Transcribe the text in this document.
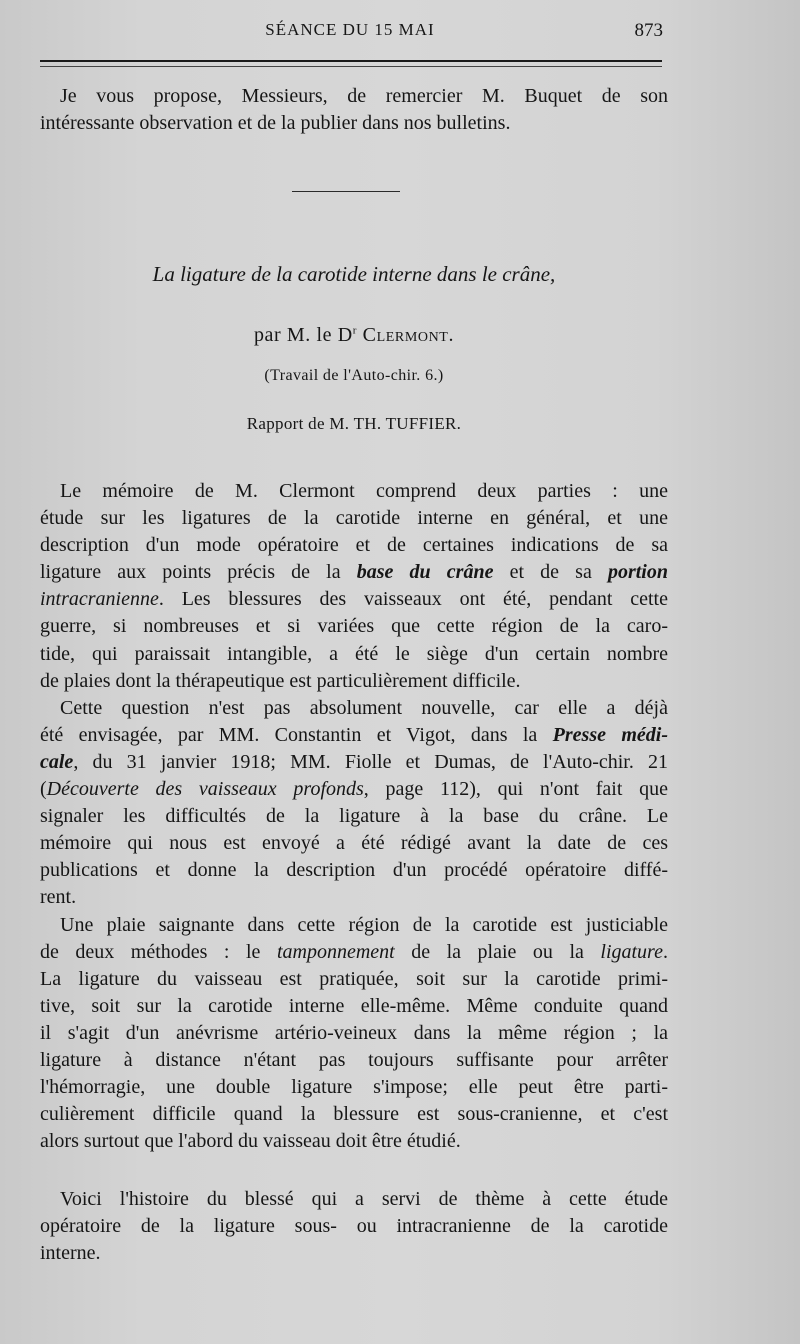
SÉANCE DU 15 MAI	873
Je vous propose, Messieurs, de remercier M. Buquet de son
intéressante observation et de la publier dans nos bulletins.
La ligature de la carotide interne dans le crâne,
par M. le $D^r$ Clermont.
(Travail de l'Auto-chir. 6.)
Rapport de M. TH. TUFFIER.
Le mémoire de M. Clermont comprend deux parties : une
étude sur les ligatures de la carotide interne en général, et une
description d'un mode opératoire et de certaines indications de sa
ligature aux points précis de la base du crâne et de sa portion
intracranienne. Les blessures des vaisseaux ont été, pendant cette
guerre, si nombreuses et si variées que cette région de la caro-
tide, qui paraissait intangible, a été le siège d'un certain nombre
de plaies dont la thérapeutique est particulièrement difficile.
Cette question n'est pas absolument nouvelle, car elle a déjà
été envisagée, par MM. Constantin et Vigot, dans la Presse médi-
cale, du 31 janvier 1918; MM. Fiolle et Dumas, de l'Auto-chir. 21
(Découverte des vaisseaux profonds, page 112), qui n'ont fait que
signaler les difficultés de la ligature à la base du crâne. Le
mémoire qui nous est envoyé a été rédigé avant la date de ces
publications et donne la description d'un procédé opératoire diffé-
rent.
Une plaie saignante dans cette région de la carotide est justiciable
de deux méthodes : le tamponnement de la plaie ou la ligature.
La ligature du vaisseau est pratiquée, soit sur la carotide primi-
tive, soit sur la carotide interne elle-même. Même conduite quand
il s'agit d'un anévrisme artério-veineux dans la même région ; la
ligature à distance n'étant pas toujours suffisante pour arrêter
l'hémorragie, une double ligature s'impose; elle peut être parti-
culièrement difficile quand la blessure est sous-cranienne, et c'est
alors surtout que l'abord du vaisseau doit être étudié.
Voici l'histoire du blessé qui a servi de thème à cette étude
opératoire de la ligature sous- ou intracranienne de la carotide
interne.
